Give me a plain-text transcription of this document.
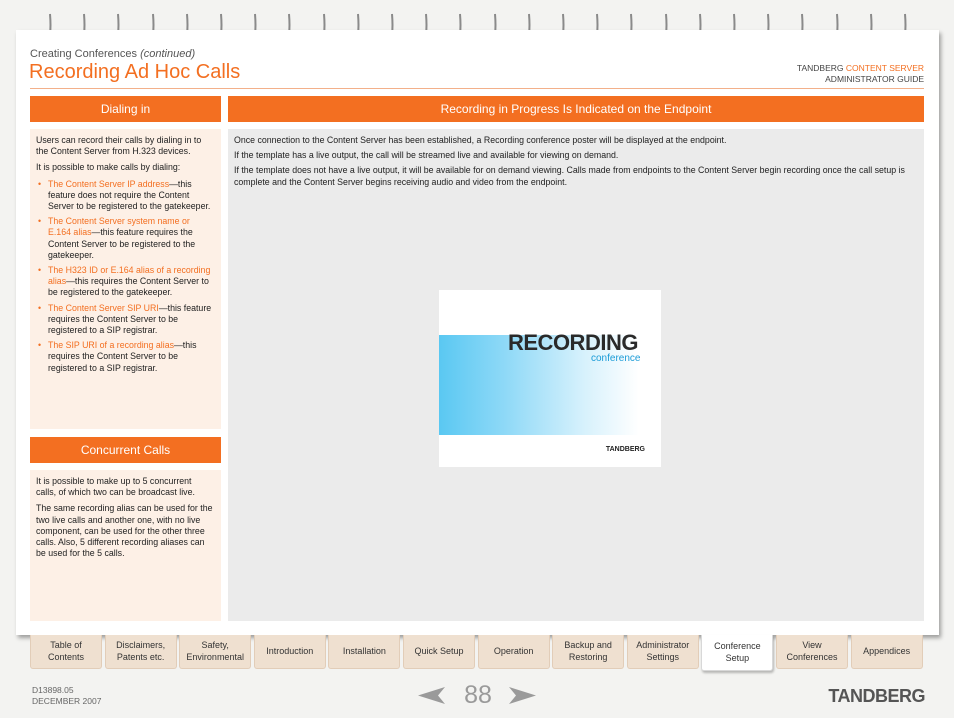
Creating Conferences (continued)
Recording Ad Hoc Calls	TANDBERG CONTENT SERVER
ADMINISTRATOR GUIDE
Dialing in

Users can record their calls by dialing in to the Content Server from H.323 devices.

It is possible to make calls by dialing:

• The Content Server IP address—this feature does not require the Content Server to be registered to the gatekeeper.
• The Content Server system name or E.164 alias—this feature requires the Content Server to be registered to the gatekeeper.
• The H323 ID or E.164 alias of a recording alias—this requires the Content Server to be registered to the gatekeeper.
• The Content Server SIP URI—this feature requires the Content Server to be registered to a SIP registrar.
• The SIP URI of a recording alias—this requires the Content Server to be registered to a SIP registrar.
Concurrent Calls

It is possible to make up to 5 concurrent calls, of which two can be broadcast live.

The same recording alias can be used for the two live calls and another one, with no live component, can be used for the other three calls. Also, 5 different recording aliases can be used for the 5 calls.

Recording in Progress Is Indicated on the Endpoint

Once connection to the Content Server has been established, a Recording conference poster will be displayed at the endpoint.

If the template has a live output, the call will be streamed live and available for viewing on demand.

If the template does not have a live output, it will be available for on demand viewing. Calls made from endpoints to the Content Server begin recording once the call setup is complete and the Content Server begins receiving audio and video from the endpoint.

RECORDING
conference
TANDBERG
Table of
Contents
Disclaimers,
Patents etc.
Safety,
Environmental
Introduction	Installation	Quick Setup	Operation
Backup and
Restoring
Administrator
Settings
Conference
Setup
View
Conferences
Appendices
D13898.05
DECEMBER 2007	88	TANDBERG
